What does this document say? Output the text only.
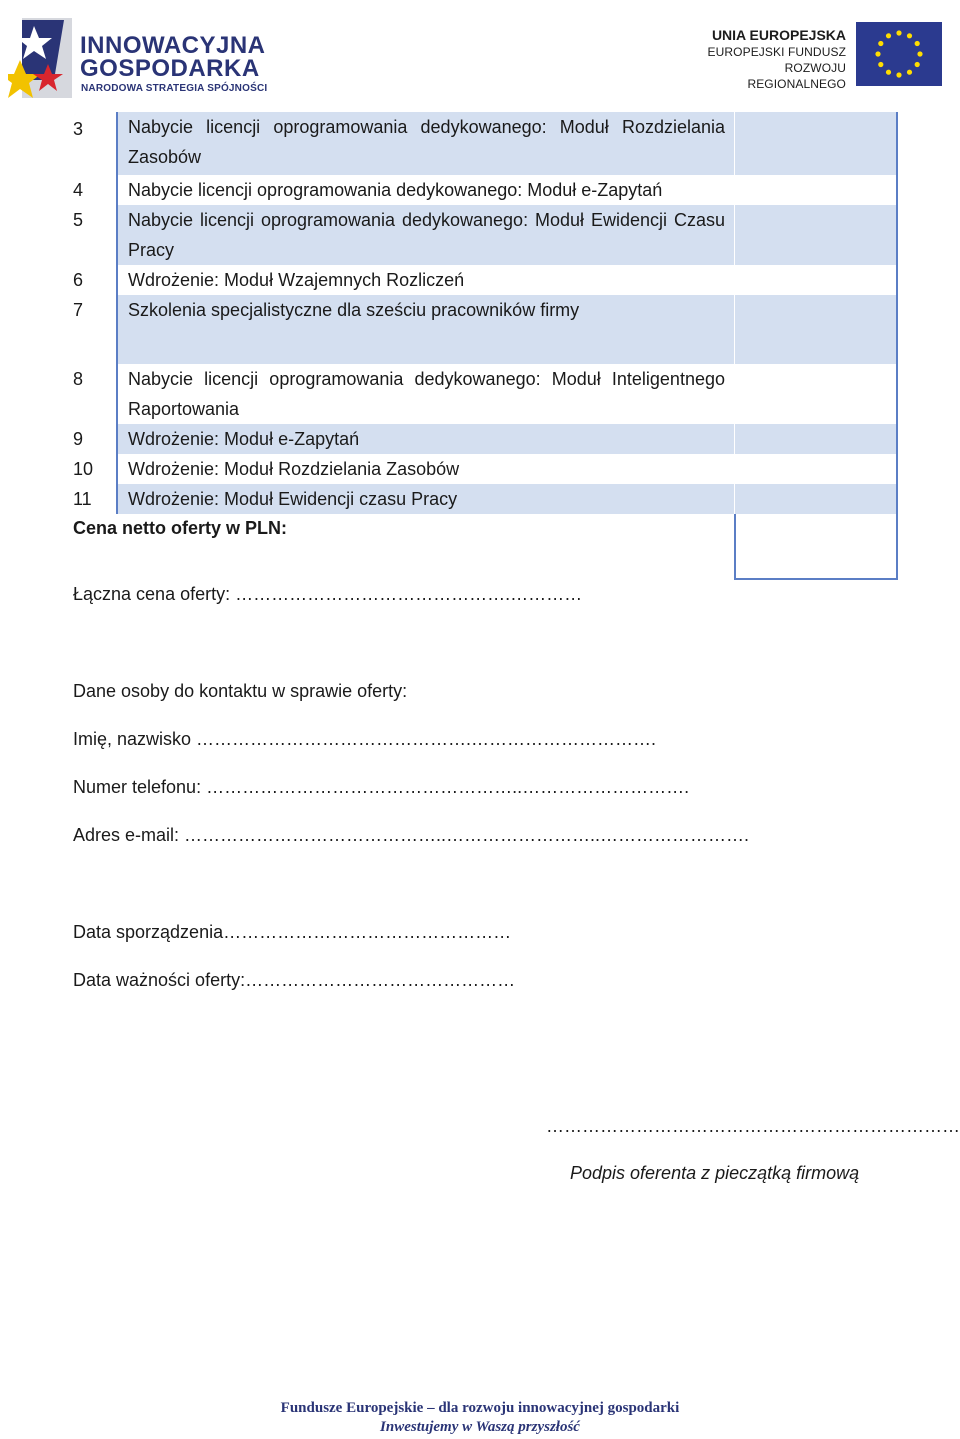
INNOWACYJNA
GOSPODARKA
NARODOWA STRATEGIA SPÓJNOŚCI
UNIA EUROPEJSKA
EUROPEJSKI FUNDUSZ
ROZWOJU REGIONALNEGO
3 Nabycie licencji oprogramowania dedykowanego: Moduł Rozdzielania Zasobów
4 Nabycie licencji oprogramowania dedykowanego: Moduł e-Zapytań
5 Nabycie licencji oprogramowania dedykowanego: Moduł Ewidencji Czasu Pracy
6 Wdrożenie: Moduł Wzajemnych Rozliczeń
7 Szkolenia specjalistyczne dla sześciu pracowników firmy
8 Nabycie licencji oprogramowania dedykowanego: Moduł Inteligentnego Raportowania
9 Wdrożenie: Moduł e-Zapytań
10 Wdrożenie: Moduł Rozdzielania Zasobów
11 Wdrożenie: Moduł Ewidencji czasu Pracy
Cena netto oferty w PLN:
Łączna cena oferty: ……………………………………….…………
Dane osoby do kontaktu w sprawie oferty:
Imię, nazwisko ……………………………………….………………………….
Numer telefonu: ……………………………………………..……………………….
Adres e-mail: ……………………………………..……………………..…………………….
Data sporządzenia…………………………………………
Data ważności oferty:………………………………………
……………………………………………………………
Podpis oferenta z pieczątką firmową
Fundusze Europejskie – dla rozwoju innowacyjnej gospodarki
Inwestujemy w Waszą przyszłość
